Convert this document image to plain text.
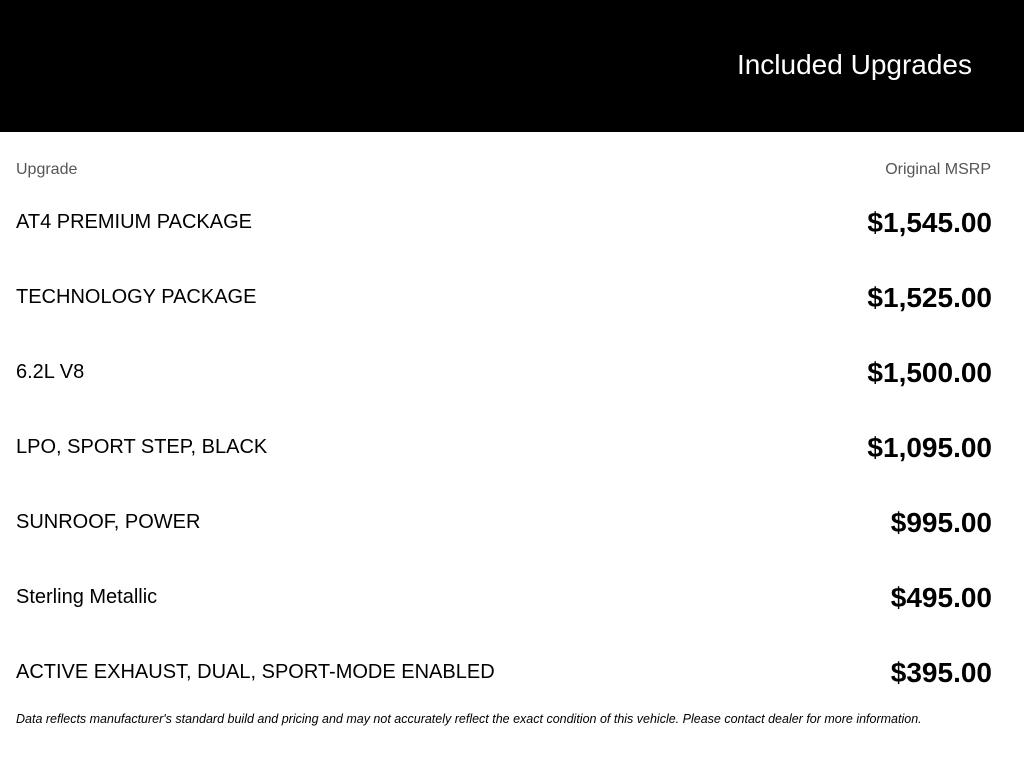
Included Upgrades
Upgrade	Original MSRP
AT4 PREMIUM PACKAGE	$1,545.00
TECHNOLOGY PACKAGE	$1,525.00
6.2L V8	$1,500.00
LPO, SPORT STEP, BLACK	$1,095.00
SUNROOF, POWER	$995.00
Sterling Metallic	$495.00
ACTIVE EXHAUST, DUAL, SPORT-MODE ENABLED	$395.00
Data reflects manufacturer's standard build and pricing and may not accurately reflect the exact condition of this vehicle. Please contact dealer for more information.
